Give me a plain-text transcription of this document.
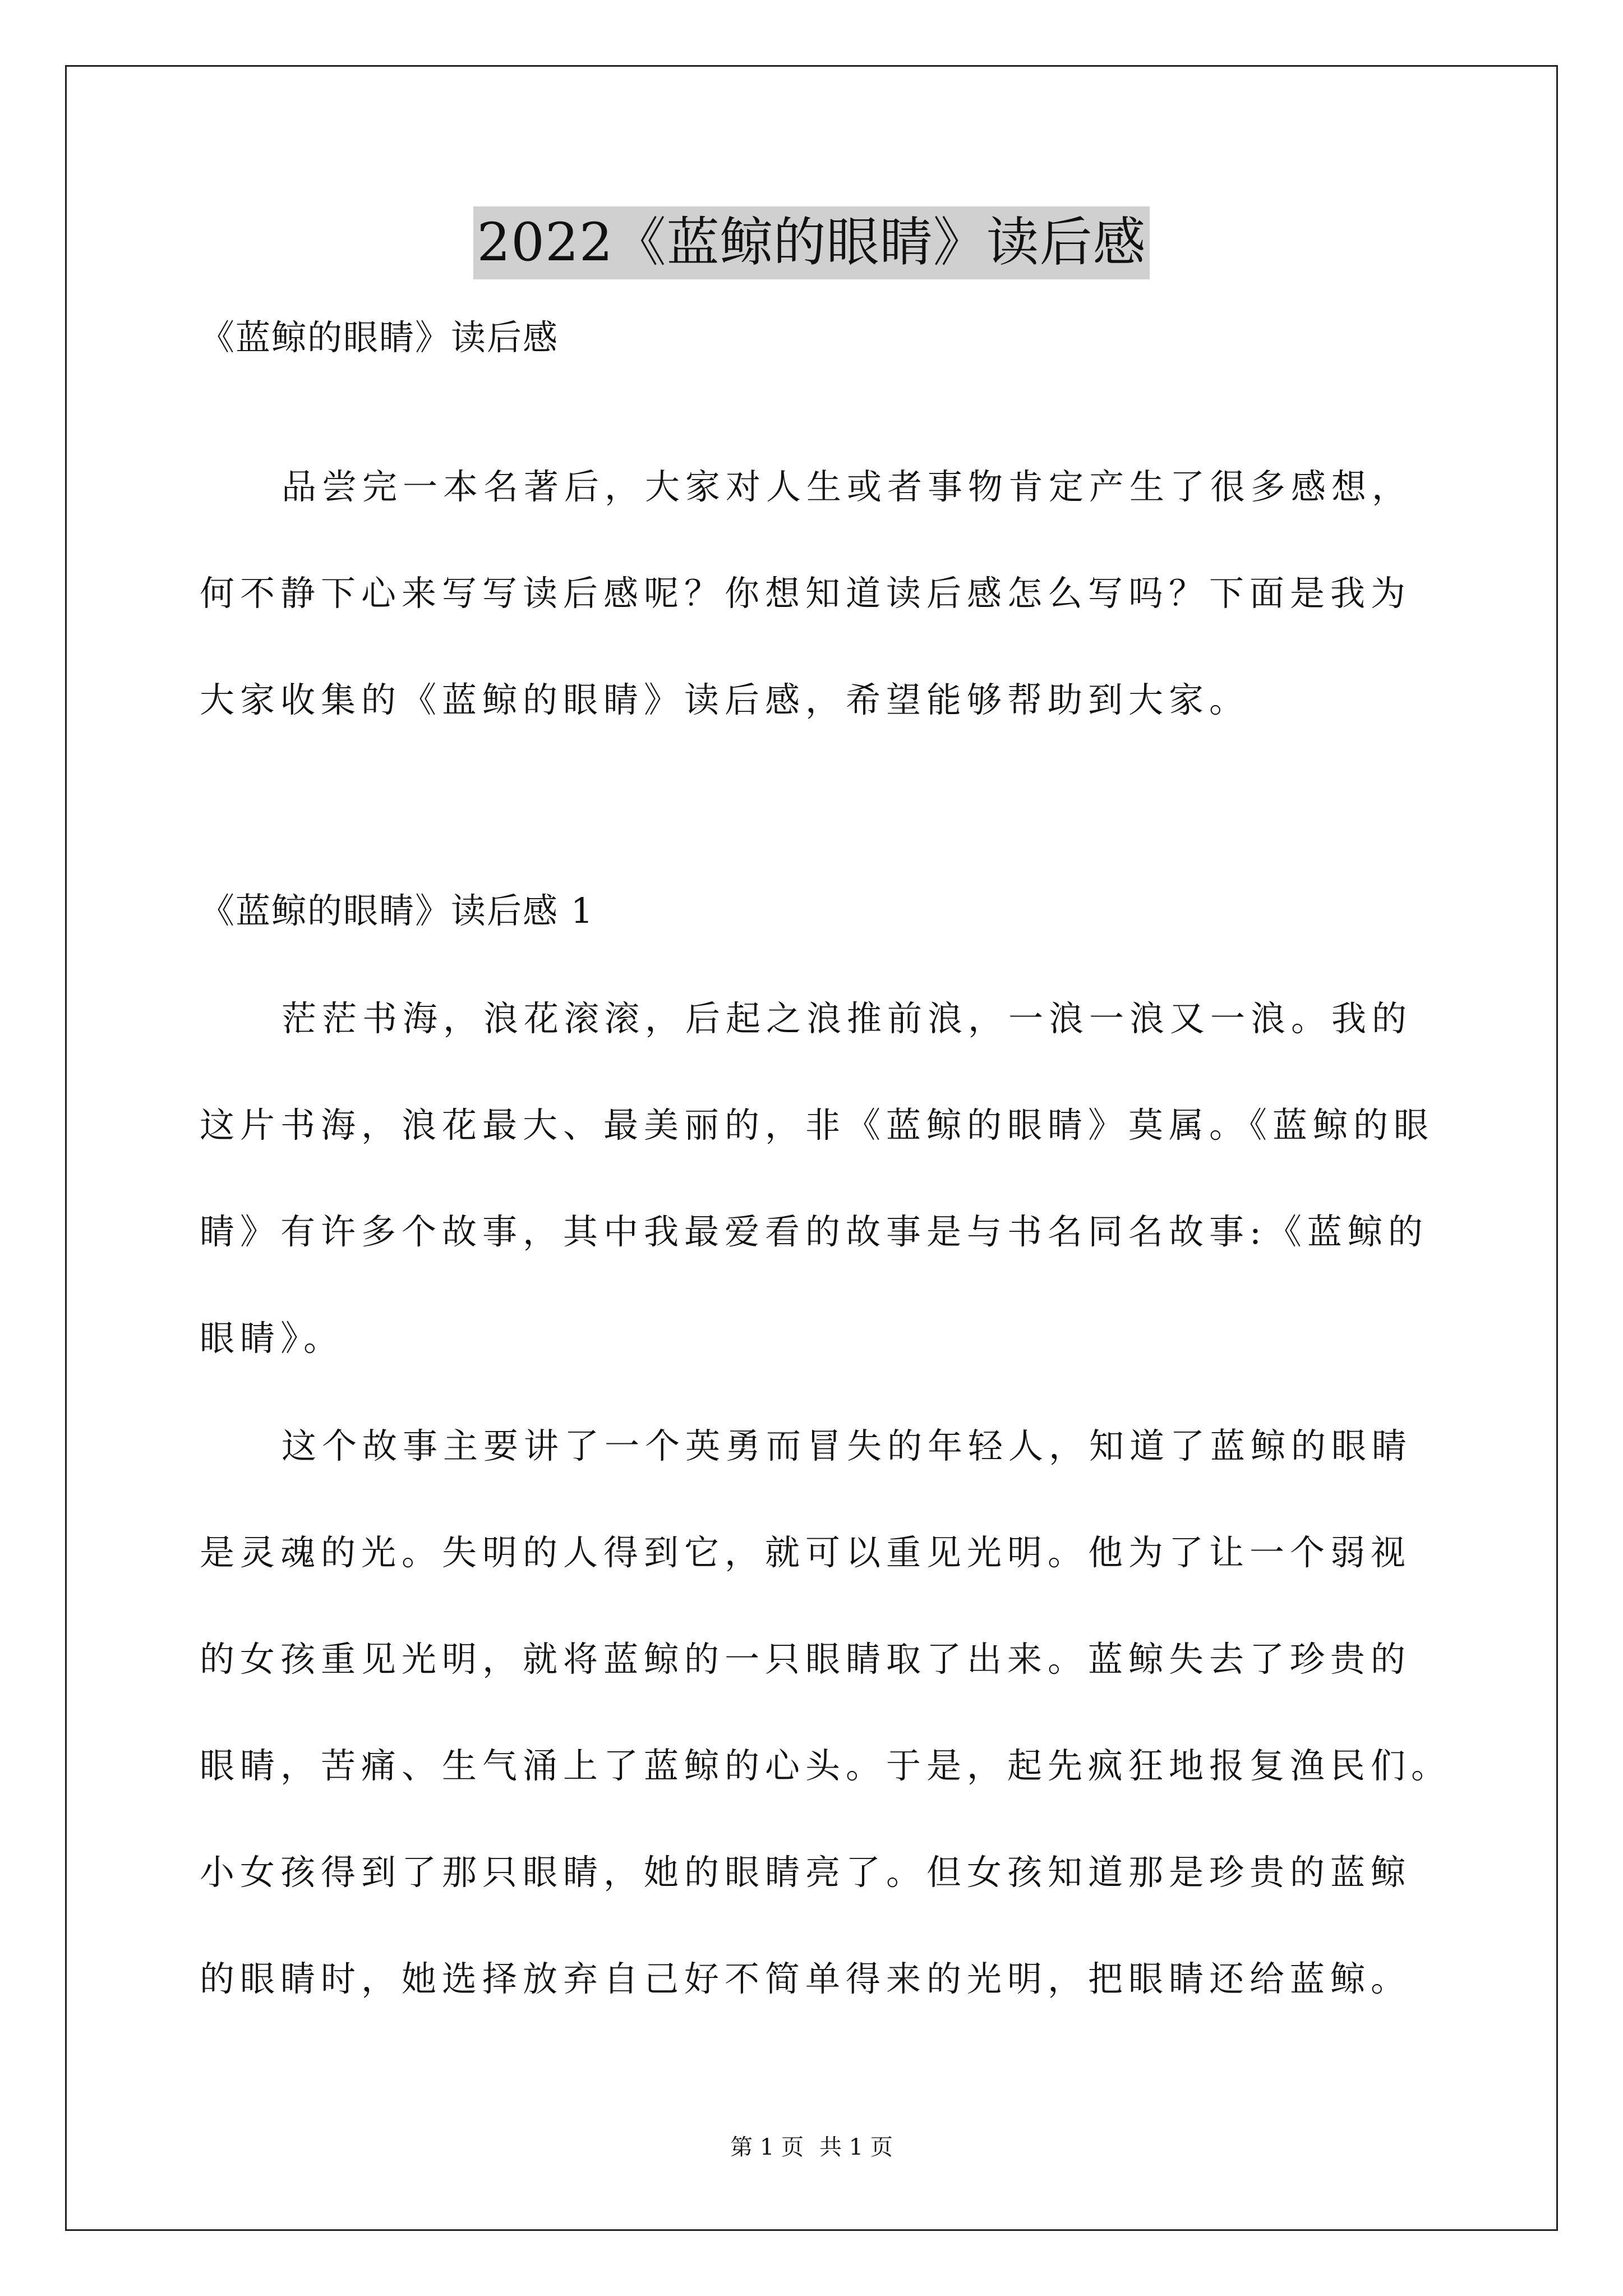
2022《蓝鲸的眼睛》读后感
《蓝鲸的眼睛》读后感
品尝完一本名著后，大家对人生或者事物肯定产生了很多感想，
何不静下心来写写读后感呢？你想知道读后感怎么写吗？下面是我为
大家收集的《蓝鲸的眼睛》读后感，希望能够帮助到大家。
《蓝鲸的眼睛》读后感 1
茫茫书海，浪花滚滚，后起之浪推前浪，一浪一浪又一浪。我的
这片书海，浪花最大、最美丽的，非《蓝鲸的眼睛》莫属。《蓝鲸的眼
睛》有许多个故事，其中我最爱看的故事是与书名同名故事:《蓝鲸的
眼睛》。
这个故事主要讲了一个英勇而冒失的年轻人，知道了蓝鲸的眼睛
是灵魂的光。失明的人得到它，就可以重见光明。他为了让一个弱视
的女孩重见光明，就将蓝鲸的一只眼睛取了出来。蓝鲸失去了珍贵的
眼睛，苦痛、生气涌上了蓝鲸的心头。于是，起先疯狂地报复渔民们。
小女孩得到了那只眼睛，她的眼睛亮了。但女孩知道那是珍贵的蓝鲸
的眼睛时，她选择放弃自己好不简单得来的光明，把眼睛还给蓝鲸。
第 1 页 共 1 页
